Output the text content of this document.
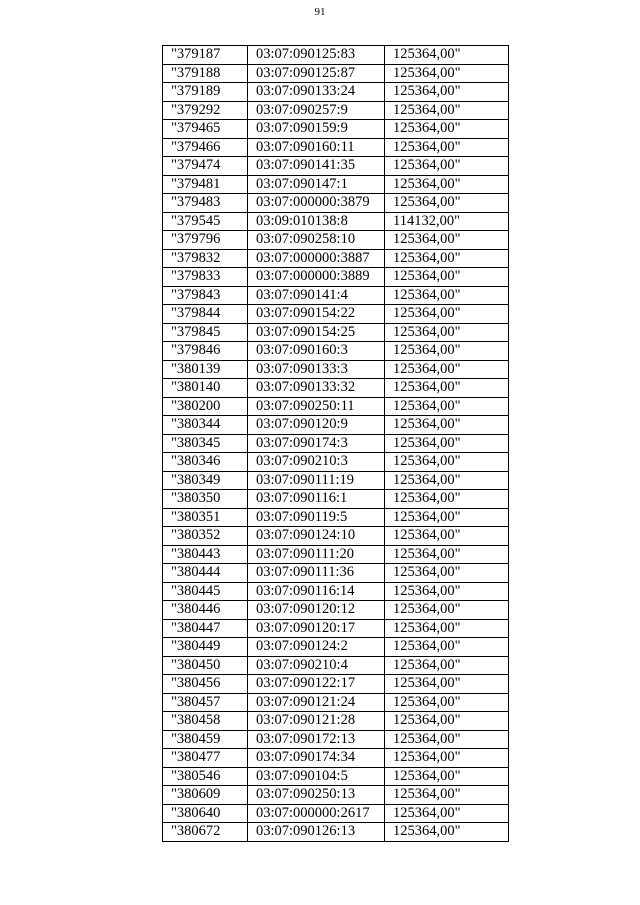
91
"379187	03:07:090125:83	125364,00"
"379188	03:07:090125:87	125364,00"
"379189	03:07:090133:24	125364,00"
"379292	03:07:090257:9	125364,00"
"379465	03:07:090159:9	125364,00"
"379466	03:07:090160:11	125364,00"
"379474	03:07:090141:35	125364,00"
"379481	03:07:090147:1	125364,00"
"379483	03:07:000000:3879	125364,00"
"379545	03:09:010138:8	114132,00"
"379796	03:07:090258:10	125364,00"
"379832	03:07:000000:3887	125364,00"
"379833	03:07:000000:3889	125364,00"
"379843	03:07:090141:4	125364,00"
"379844	03:07:090154:22	125364,00"
"379845	03:07:090154:25	125364,00"
"379846	03:07:090160:3	125364,00"
"380139	03:07:090133:3	125364,00"
"380140	03:07:090133:32	125364,00"
"380200	03:07:090250:11	125364,00"
"380344	03:07:090120:9	125364,00"
"380345	03:07:090174:3	125364,00"
"380346	03:07:090210:3	125364,00"
"380349	03:07:090111:19	125364,00"
"380350	03:07:090116:1	125364,00"
"380351	03:07:090119:5	125364,00"
"380352	03:07:090124:10	125364,00"
"380443	03:07:090111:20	125364,00"
"380444	03:07:090111:36	125364,00"
"380445	03:07:090116:14	125364,00"
"380446	03:07:090120:12	125364,00"
"380447	03:07:090120:17	125364,00"
"380449	03:07:090124:2	125364,00"
"380450	03:07:090210:4	125364,00"
"380456	03:07:090122:17	125364,00"
"380457	03:07:090121:24	125364,00"
"380458	03:07:090121:28	125364,00"
"380459	03:07:090172:13	125364,00"
"380477	03:07:090174:34	125364,00"
"380546	03:07:090104:5	125364,00"
"380609	03:07:090250:13	125364,00"
"380640	03:07:000000:2617	125364,00"
"380672	03:07:090126:13	125364,00"
